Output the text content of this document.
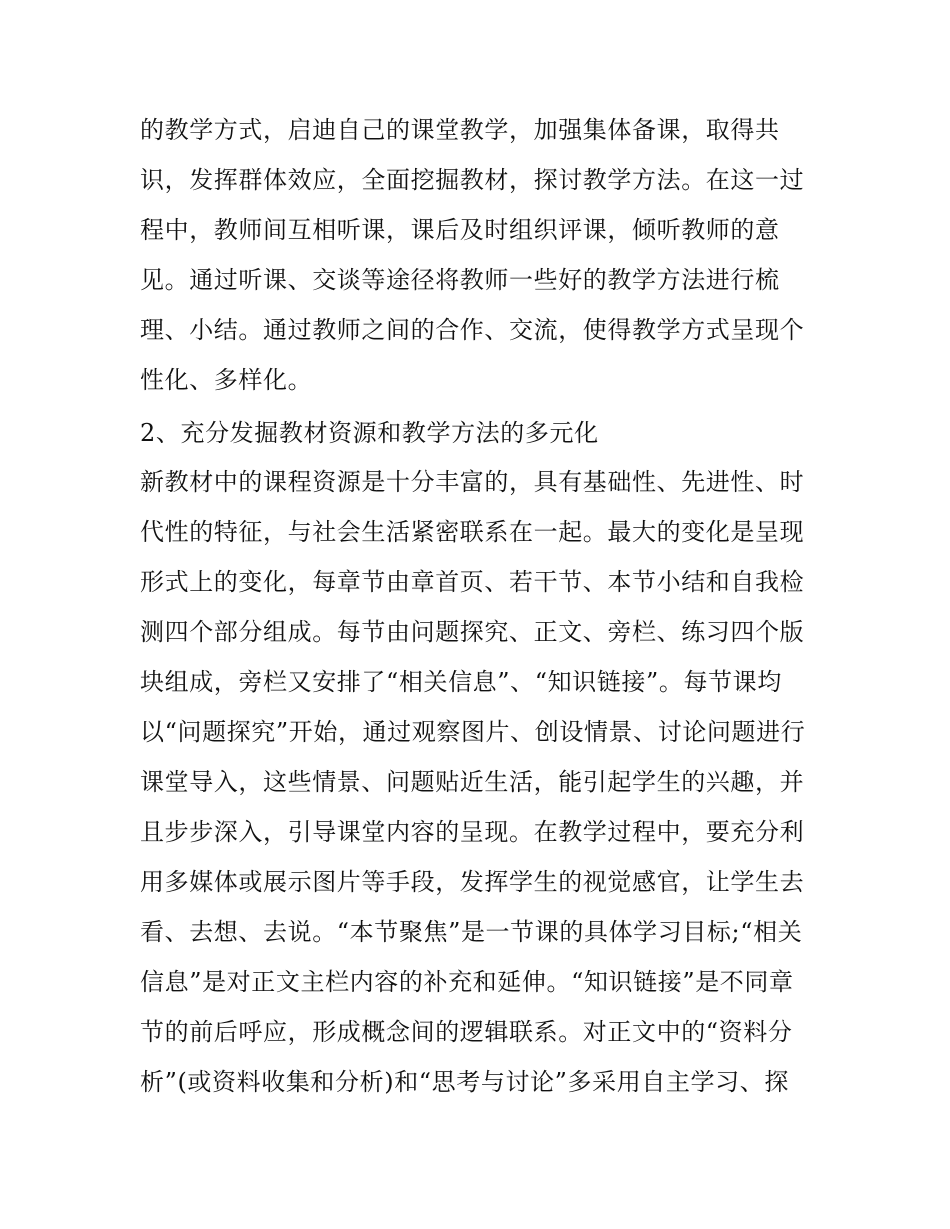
的教学方式，启迪自己的课堂教学，加强集体备课，取得共
识，发挥群体效应，全面挖掘教材，探讨教学方法。在这一过
程中，教师间互相听课，课后及时组织评课，倾听教师的意
见。通过听课、交谈等途径将教师一些好的教学方法进行梳
理、小结。通过教师之间的合作、交流，使得教学方式呈现个
性化、多样化。
2、充分发掘教材资源和教学方法的多元化
新教材中的课程资源是十分丰富的，具有基础性、先进性、时
代性的特征，与社会生活紧密联系在一起。最大的变化是呈现
形式上的变化，每章节由章首页、若干节、本节小结和自我检
测四个部分组成。每节由问题探究、正文、旁栏、练习四个版
块组成，旁栏又安排了“相关信息”、“知识链接”。每节课均
以“问题探究”开始，通过观察图片、创设情景、讨论问题进行
课堂导入，这些情景、问题贴近生活，能引起学生的兴趣，并
且步步深入，引导课堂内容的呈现。在教学过程中，要充分利
用多媒体或展示图片等手段，发挥学生的视觉感官，让学生去
看、去想、去说。“本节聚焦”是一节课的具体学习目标;“相关
信息”是对正文主栏内容的补充和延伸。“知识链接”是不同章
节的前后呼应，形成概念间的逻辑联系。对正文中的“资料分
析”(或资料收集和分析)和“思考与讨论”多采用自主学习、探
